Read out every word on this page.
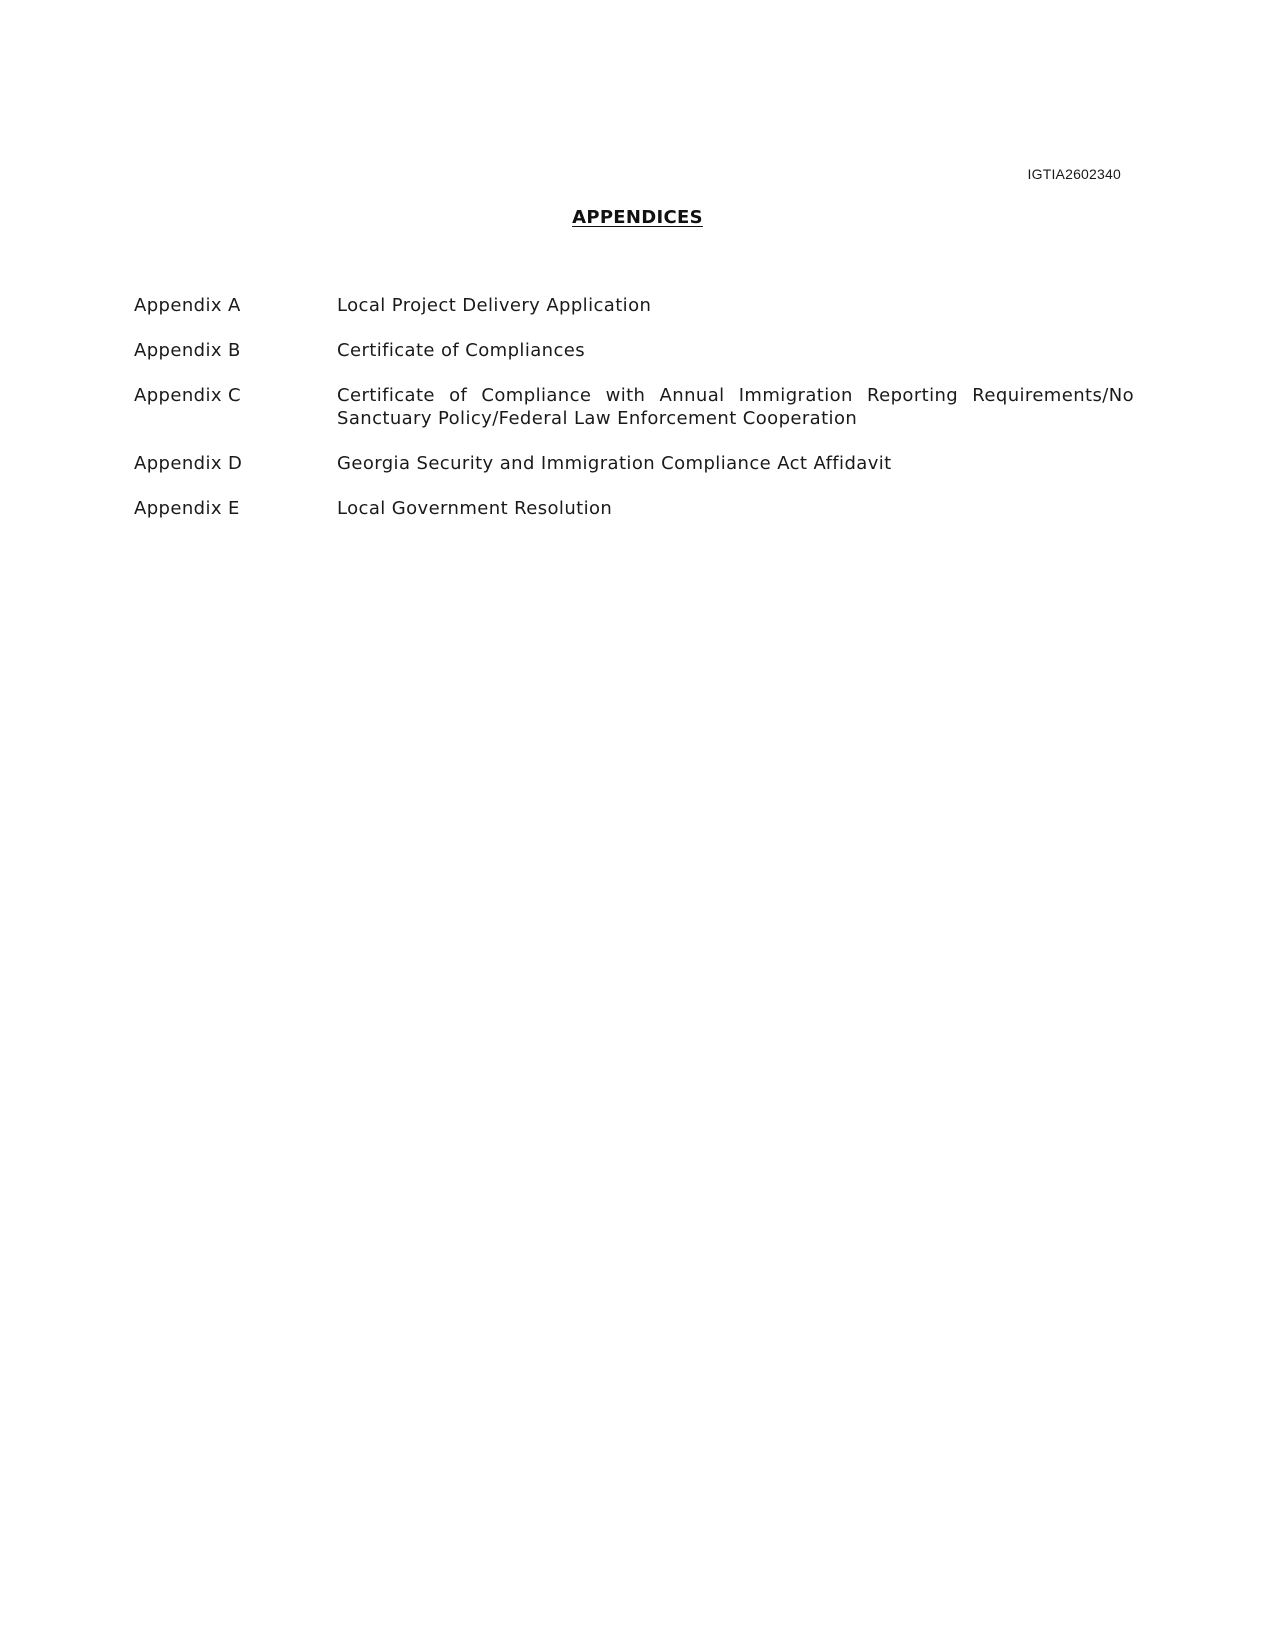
IGTIA2602340
APPENDICES
Appendix A	Local Project Delivery Application
Appendix B	Certificate of Compliances
Appendix C	Certificate of Compliance with Annual Immigration Reporting Requirements/No Sanctuary Policy/Federal Law Enforcement Cooperation
Appendix D	Georgia Security and Immigration Compliance Act Affidavit
Appendix E	Local Government Resolution
